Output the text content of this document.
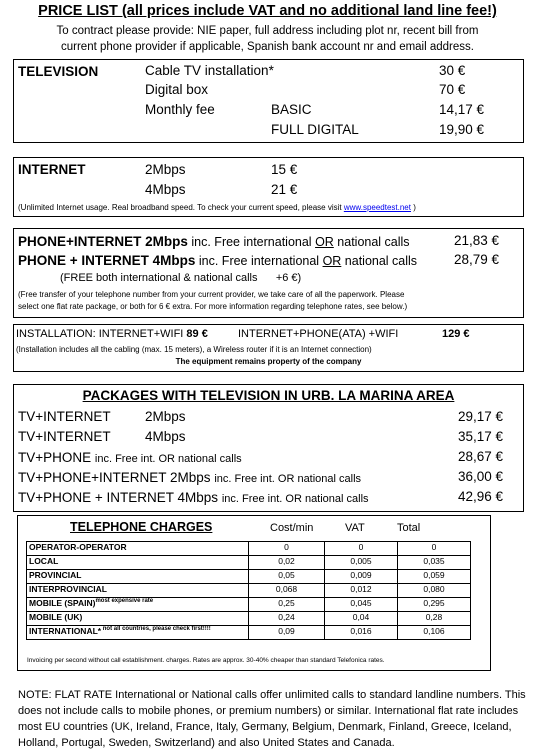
PRICE LIST (all prices include VAT and no additional land line fee!)
To contract please provide: NIE paper, full address including plot nr, recent bill from
current phone provider if applicable, Spanish bank account nr and email address.
TELEVISION	Cable TV installation*	30 €
Digital box	70 €
Monthly fee	BASIC	14,17 €
FULL DIGITAL	19,90 €
INTERNET	2Mbps	15 €
4Mbps	21 €
(Unlimited Internet usage. Real broadband speed. To check your current speed, please visit www.speedtest.net )
PHONE+INTERNET 2Mbps inc. Free international OR national calls	21,83 €
PHONE + INTERNET 4Mbps inc. Free international OR national calls	28,79 €
(FREE both international & national calls      +6 €)
(Free transfer of your telephone number from your current provider, we take care of all the paperwork. Please
select one flat rate package, or both for 6 € extra. For more information regarding telephone rates, see below.)
INSTALLATION: INTERNET+WIFI 89 €	INTERNET+PHONE(ATA) +WIFI	129 €
(Installation includes all the cabling (max. 15 meters), a Wireless router if it is an Internet connection)
The equipment remains property of the company
PACKAGES WITH TELEVISION IN URB. LA MARINA AREA
TV+INTERNET	2Mbps	29,17 €
TV+INTERNET	4Mbps	35,17 €
TV+PHONE inc. Free int. OR national calls	28,67 €
TV+PHONE+INTERNET 2Mbps inc. Free int. OR national calls	36,00 €
TV+PHONE + INTERNET 4Mbps inc. Free int. OR national calls	42,96 €
TELEPHONE CHARGES	Cost/min	VAT	Total
OPERATOR-OPERATOR	0	0	0
LOCAL	0,02	0,005	0,035
PROVINCIAL	0,05	0,009	0,059
INTERPROVINCIAL	0,068	0,012	0,080
MOBILE (SPAIN)$^{most expensive rate}$	0,25	0,045	0,295
MOBILE (UK)	0,24	0,04	0,28
INTERNATIONAL* $^{not all countries, please check first!!!!}$	0,09	0,016	0,106
Invoicing per second without call establishment. charges. Rates are approx. 30-40% cheaper than standard Telefonica rates.
NOTE: FLAT RATE International or National calls offer unlimited calls to standard landline numbers. This
does not include calls to mobile phones, or premium numbers) or similar. International flat rate includes
most EU countries (UK, Ireland, France, Italy, Germany, Belgium, Denmark, Finland, Greece, Iceland,
Holland, Portugal, Sweden, Switzerland) and also United States and Canada.
